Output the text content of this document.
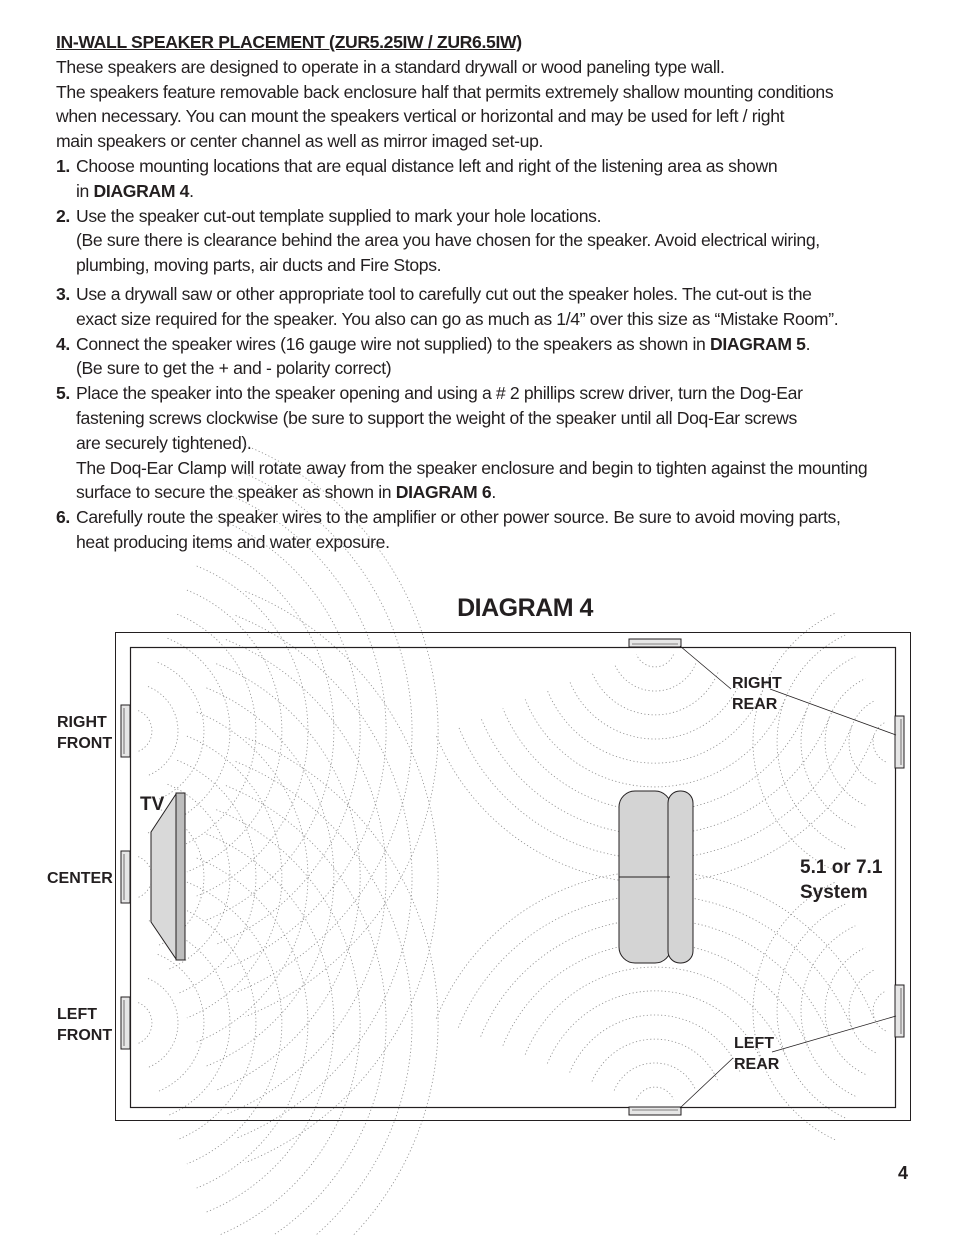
IN-WALL SPEAKER PLACEMENT (ZUR5.25IW / ZUR6.5IW)

These speakers are designed to operate in a standard drywall or wood paneling type wall.

The speakers feature removable back enclosure half that permits extremely shallow mounting conditions

when necessary. You can mount the speakers vertical or horizontal and may be used for left / right

main speakers or center channel as well as mirror imaged set-up.

1. Choose mounting locations that are equal distance left and right of the listening area as shown
in DIAGRAM 4.
2. Use the speaker cut-out template supplied to mark your hole locations.
(Be sure there is clearance behind the area you have chosen for the speaker. Avoid electrical wiring,
plumbing, moving parts, air ducts and Fire Stops.
3. Use a drywall saw or other appropriate tool to carefully cut out the speaker holes. The cut-out is the
exact size required for the speaker. You also can go as much as 1/4” over this size as “Mistake Room”.
4. Connect the speaker wires (16 gauge wire not supplied) to the speakers as shown in DIAGRAM 5.
(Be sure to get the + and - polarity correct)
5. Place the speaker into the speaker opening and using a # 2 phillips screw driver, turn the Dog-Ear
fastening screws clockwise (be sure to support the weight of the speaker until all Doq-Ear screws
are securely tightened).
The Doq-Ear Clamp will rotate away from the speaker enclosure and begin to tighten against the mounting
surface to secure the speaker as shown in DIAGRAM 6.
6. Carefully route the speaker wires to the amplifier or other power source. Be sure to avoid moving parts,
heat producing items and water exposure.

DIAGRAM 4

RIGHT
FRONT
CENTER
LEFT
FRONT
TV
RIGHT
REAR
LEFT
REAR
5.1 or 7.1
System

4
